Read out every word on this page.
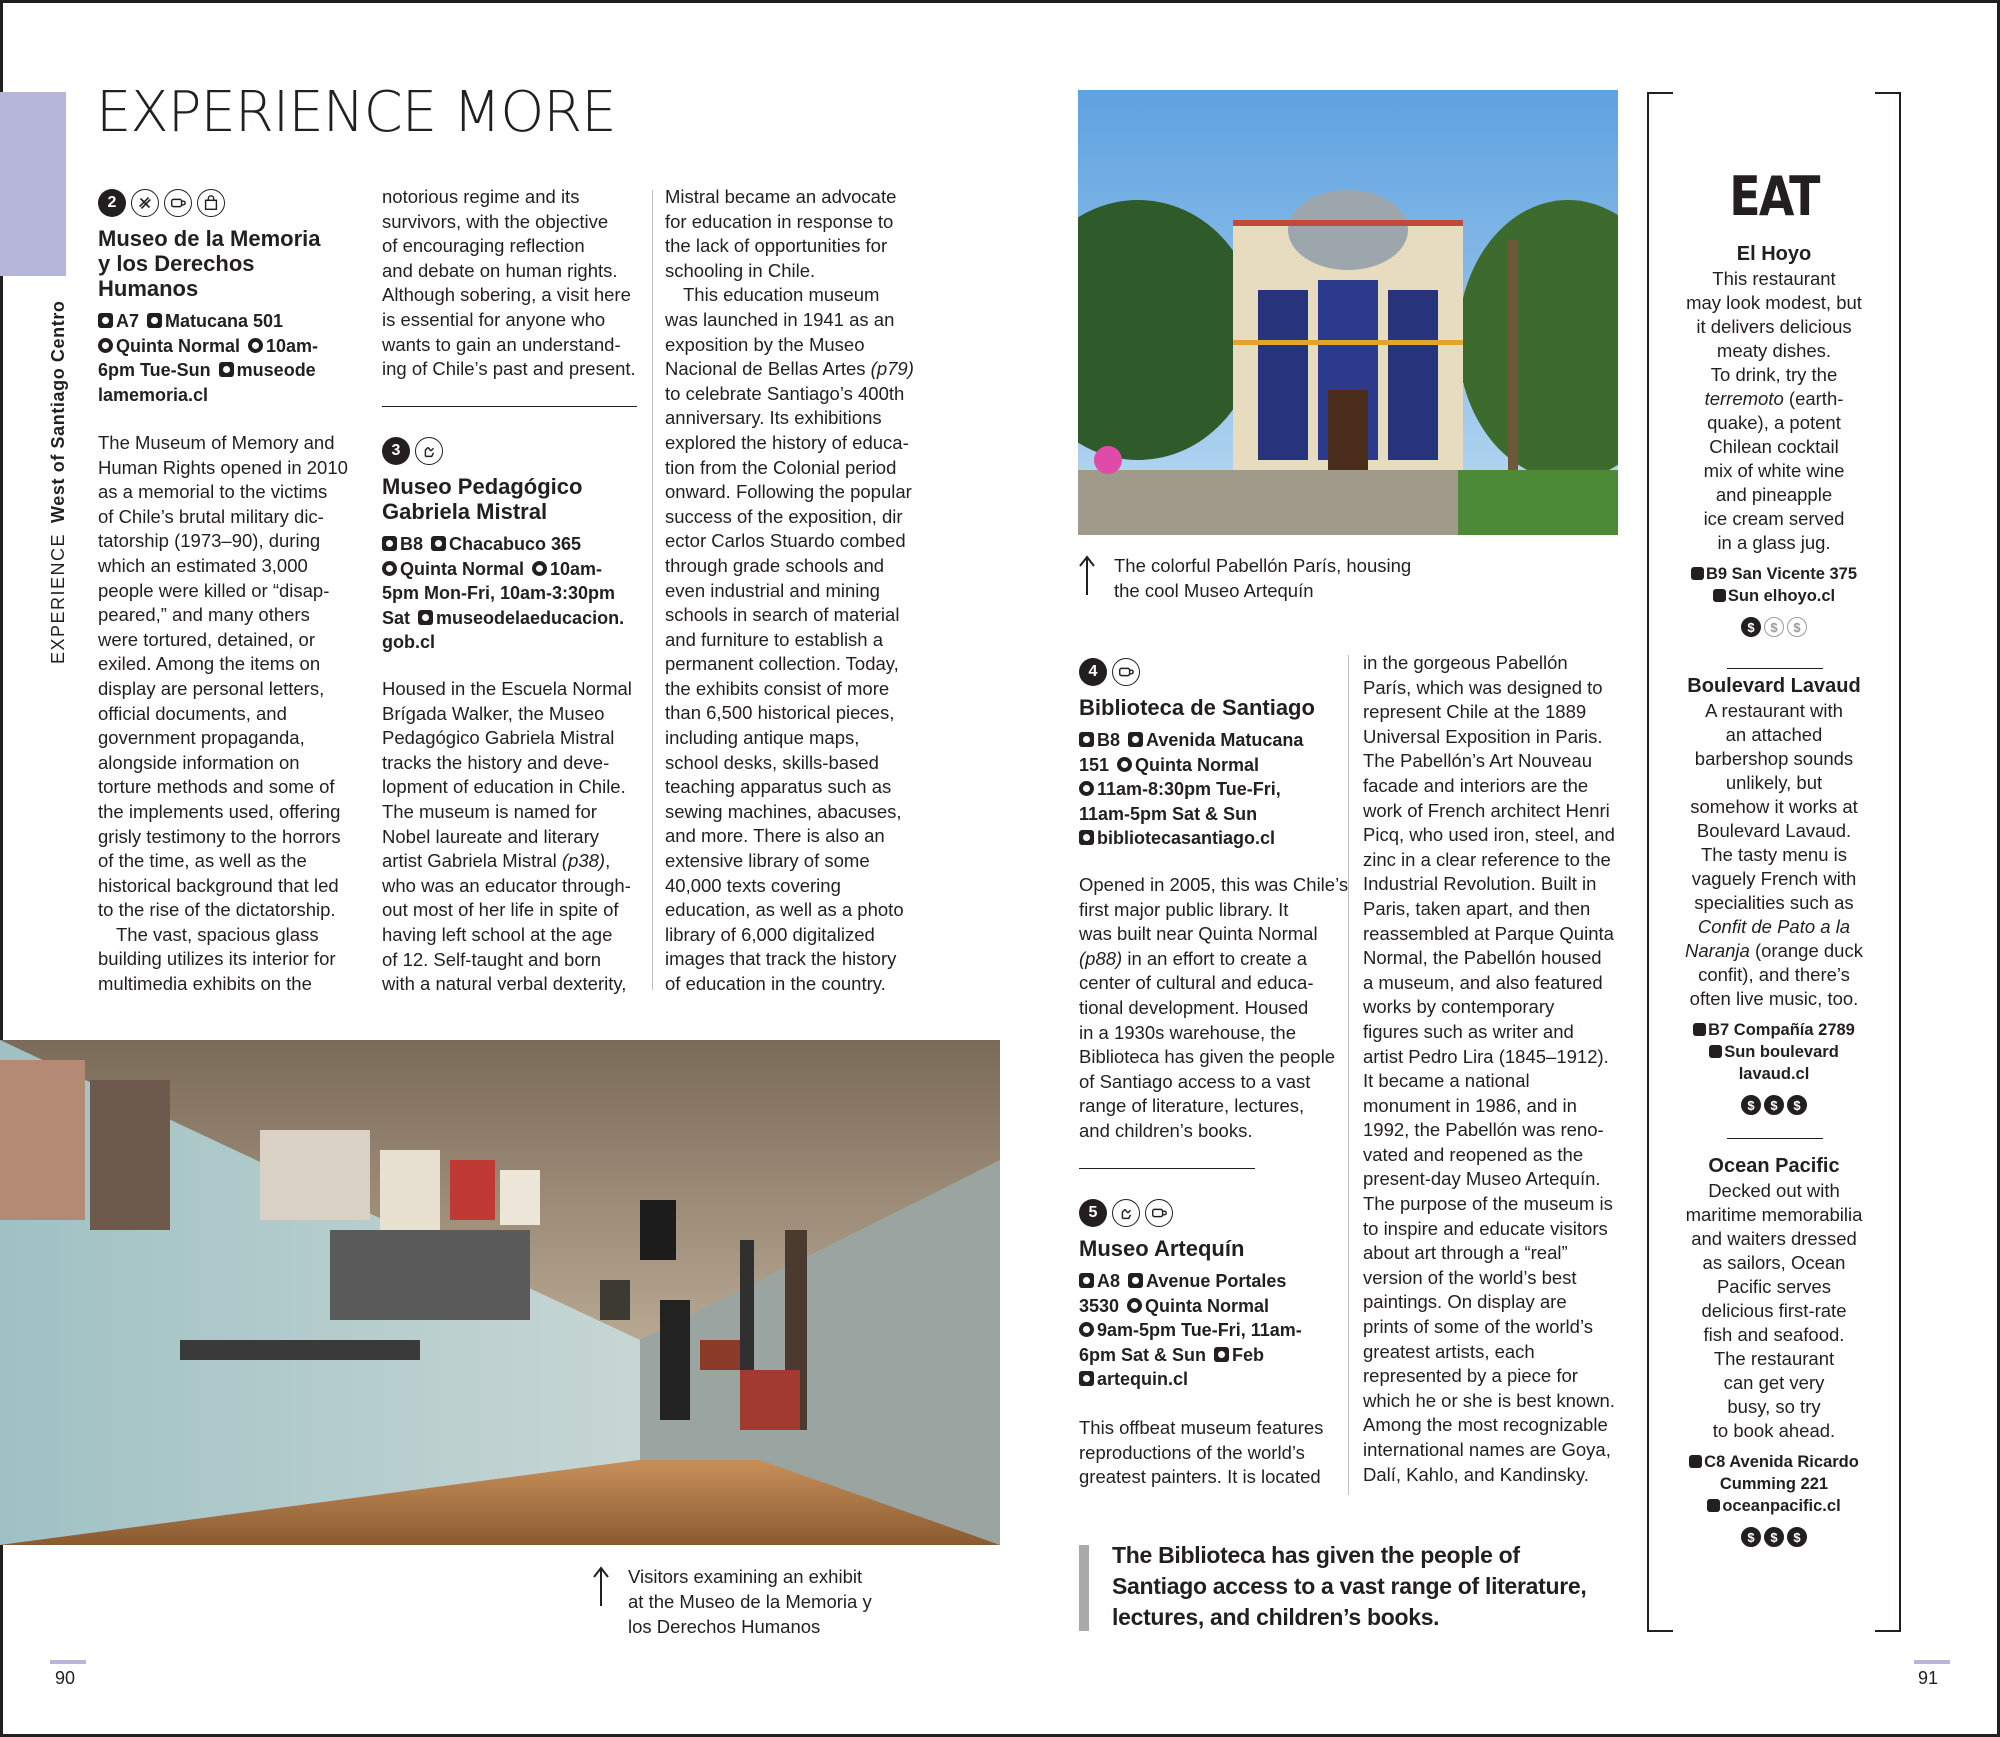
EXPERIENCEWest of Santiago Centro
EXPERIENCE MORE
2
Museo de la Memoria
y los Derechos
Humanos
A7 Matucana 501
Quinta Normal 10am-
6pm Tue-Sun museode
lamemoria.cl
The Museum of Memory and
Human Rights opened in 2010
as a memorial to the victims
of Chile’s brutal military dic-
tatorship (1973–90), during
which an estimated 3,000
people were killed or “disap-
peared,” and many others
were tortured, detained, or
exiled. Among the items on
display are personal letters,
official documents, and
government propaganda,
alongside information on
torture methods and some of
the implements used, offering
grisly testimony to the horrors
of the time, as well as the
historical background that led
to the rise of the dictatorship.
The vast, spacious glass
building utilizes its interior for
multimedia exhibits on the
notorious regime and its
survivors, with the objective
of encouraging reflection
and debate on human rights.
Although sobering, a visit here
is essential for anyone who
wants to gain an understand-
ing of Chile’s past and present.
3
Museo Pedagógico
Gabriela Mistral
B8 Chacabuco 365
Quinta Normal 10am-
5pm Mon-Fri, 10am-3:30pm
Sat museodelaeducacion.
gob.cl
Housed in the Escuela Normal
Brígada Walker, the Museo
Pedagógico Gabriela Mistral
tracks the history and deve-
lopment of education in Chile.
The museum is named for
Nobel laureate and literary
artist Gabriela Mistral (p38),
who was an educator through-
out most of her life in spite of
having left school at the age
of 12. Self-taught and born
with a natural verbal dexterity,
Mistral became an advocate
for education in response to
the lack of opportunities for
schooling in Chile.
This education museum
was launched in 1941 as an
exposition by the Museo
Nacional de Bellas Artes (p79)
to celebrate Santiago’s 400th
anniversary. Its exhibitions
explored the history of educa-
tion from the Colonial period
onward. Following the popular
success of the exposition, dir
ector Carlos Stuardo combed
through grade schools and
even industrial and mining
schools in search of material
and furniture to establish a
permanent collection. Today,
the exhibits consist of more
than 6,500 historical pieces,
including antique maps,
school desks, skills-based
teaching apparatus such as
sewing machines, abacuses,
and more. There is also an
extensive library of some
40,000 texts covering
education, as well as a photo
library of 6,000 digitalized
images that track the history
of education in the country.
Visitors examining an exhibit
at the Museo de la Memoria y
los Derechos Humanos
The colorful Pabellón París, housing
the cool Museo Artequín
4
Biblioteca de Santiago
B8 Avenida Matucana
151 Quinta Normal
11am-8:30pm Tue-Fri,
11am-5pm Sat & Sun
bibliotecasantiago.cl
Opened in 2005, this was Chile’s
first major public library. It
was built near Quinta Normal
(p88) in an effort to create a
center of cultural and educa-
tional development. Housed
in a 1930s warehouse, the
Biblioteca has given the people
of Santiago access to a vast
range of literature, lectures,
and children’s books.
5
Museo Artequín
A8 Avenue Portales
3530 Quinta Normal
9am-5pm Tue-Fri, 11am-
6pm Sat & Sun Feb
artequin.cl
This offbeat museum features
reproductions of the world’s
greatest painters. It is located
in the gorgeous Pabellón
París, which was designed to
represent Chile at the 1889
Universal Exposition in Paris.
The Pabellón’s Art Nouveau
facade and interiors are the
work of French architect Henri
Picq, who used iron, steel, and
zinc in a clear reference to the
Industrial Revolution. Built in
Paris, taken apart, and then
reassembled at Parque Quinta
Normal, the Pabellón housed
a museum, and also featured
works by contemporary
figures such as writer and
artist Pedro Lira (1845–1912).
It became a national
monument in 1986, and in
1992, the Pabellón was reno-
vated and reopened as the
present-day Museo Artequín.
The purpose of the museum is
to inspire and educate visitors
about art through a “real”
version of the world’s best
paintings. On display are
prints of some of the world’s
greatest artists, each
represented by a piece for
which he or she is best known.
Among the most recognizable
international names are Goya,
Dalí, Kahlo, and Kandinsky.
The Biblioteca has given the people of Santiago access to a vast range of literature, lectures, and children’s books.
EAT
El Hoyo

This restaurant

may look modest, but

it delivers delicious

meaty dishes.

To drink, try the

terremoto (earth-

quake), a potent

Chilean cocktail

mix of white wine

and pineapple

ice cream served

in a glass jug.

B9 San Vicente 375
Sun elhoyo.cl
$	$	$
Boulevard Lavaud

A restaurant with

an attached

barbershop sounds

unlikely, but

somehow it works at

Boulevard Lavaud.

The tasty menu is

vaguely French with

specialities such as

Confit de Pato a la

Naranja (orange duck

confit), and there’s

often live music, too.

B7 Compañía 2789
Sun boulevard
lavaud.cl
$	$	$
Ocean Pacific

Decked out with

maritime memorabilia

and waiters dressed

as sailors, Ocean

Pacific serves

delicious first-rate

fish and seafood.

The restaurant

can get very

busy, so try

to book ahead.

C8 Avenida Ricardo
Cumming 221
oceanpacific.cl
$	$	$
90	91
